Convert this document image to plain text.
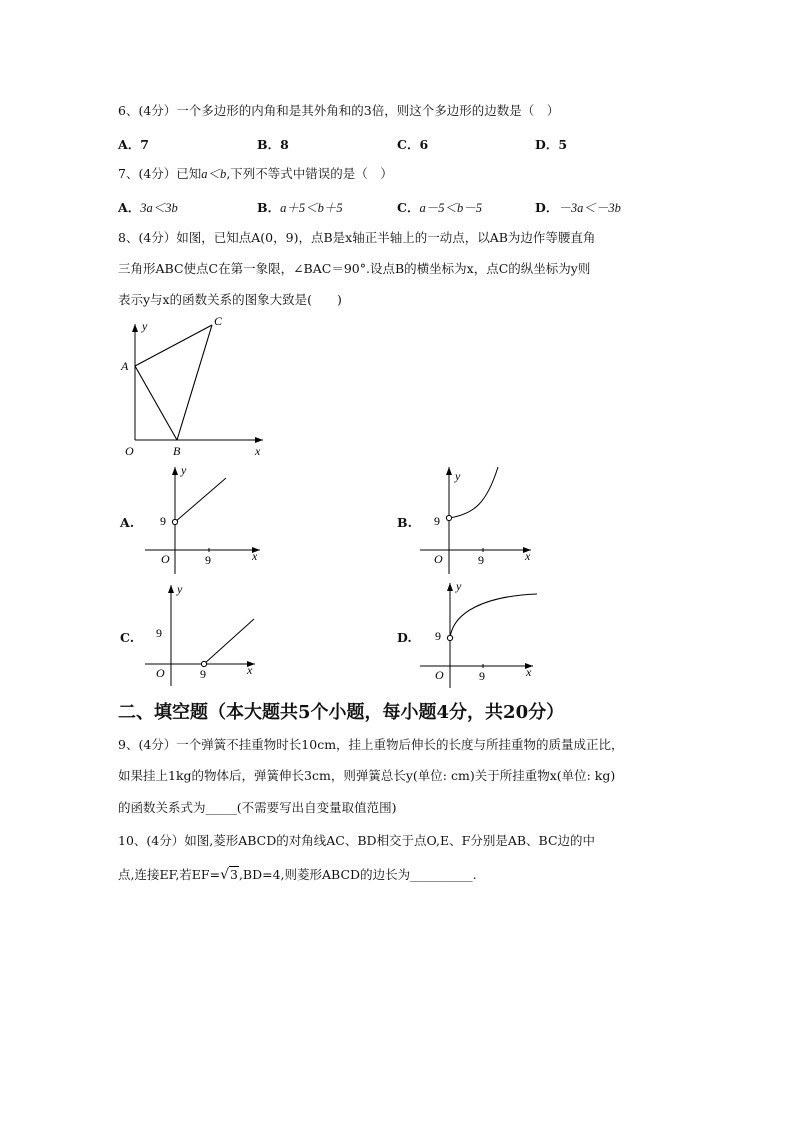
6、(4分）一个多边形的内角和是其外角和的3倍，则这个多边形的边数是（　）
A．7	B．8	C．6	D．5
7、(4分）已知a＜b,下列不等式中错误的是（　）
A．3a＜3b	B．a＋5＜b＋5	C．a－5＜b－5	D．－3a＜－3b
8、(4分）如图，已知点A(0，9)，点B是x轴正半轴上的一动点，以AB为边作等腰直角
三角形ABC使点C在第一象限，∠BAC＝90°.设点B的横坐标为x，点C的纵坐标为y则
表示y与x的函数关系的图象大致是(　　)
A
B
C
O	x
y
A. 9
9
O	x
y
B. 9
9
O	x
y
C. 9
9
O	x
y
D. 9
9
O	x
y
二、填空题（本大题共5个小题，每小题4分，共20分）
9、(4分）一个弹簧不挂重物时长10cm，挂上重物后伸长的长度与所挂重物的质量成正比，
如果挂上1kg的物体后，弹簧伸长3cm，则弹簧总长y(单位: cm)关于所挂重物x(单位: kg)
的函数关系式为_____(不需要写出自变量取值范围)
10、(4分）如图,菱形ABCD的对角线AC、BD相交于点O,E、F分别是AB、BC边的中
点,连接EF,若EF=√3,BD=4,则菱形ABCD的边长为__________.
